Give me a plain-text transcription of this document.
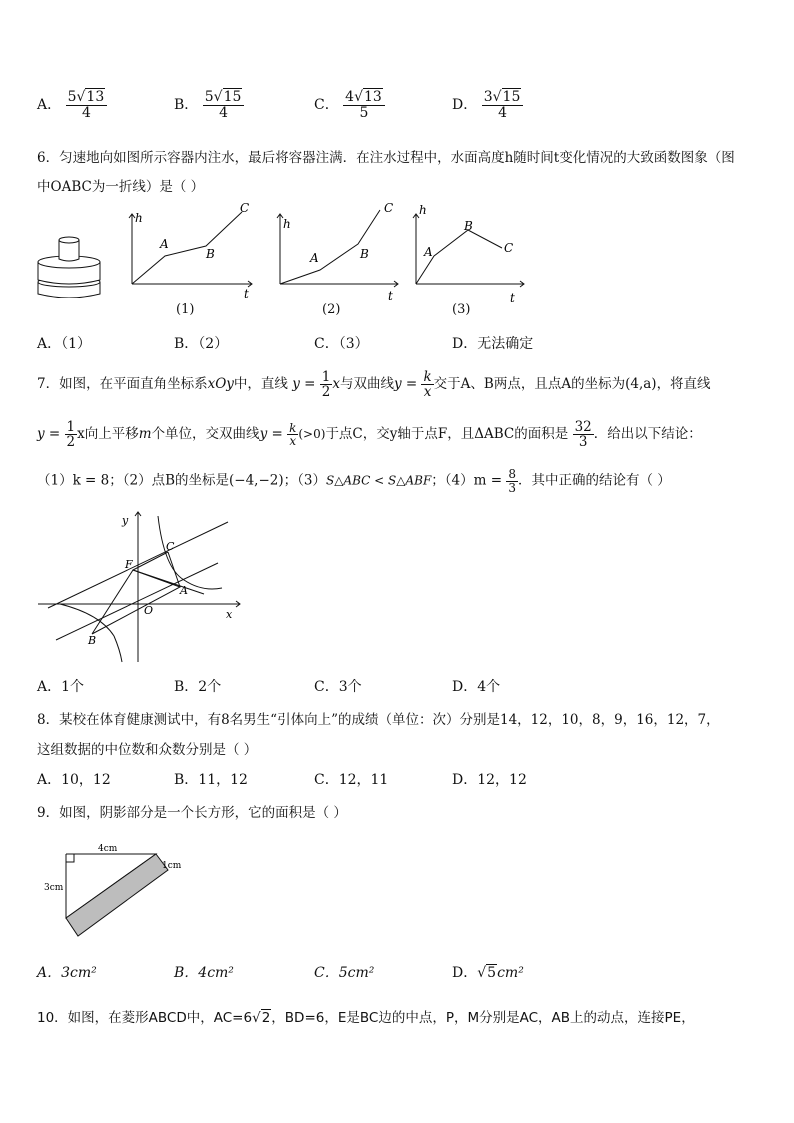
A． $\frac{5√13}{4}$	B． $\frac{5√15}{4}$	C． $\frac{4√13}{5}$	D． $\frac{3√15}{4}$
6．匀速地向如图所示容器内注水，最后将容器注满．在注水过程中，水面高度h随时间t变化情况的大致函数图象（图
中OABC为一折线）是（ ）
h
t
A
B
C
(1)
h
t
A	B
C
(2)
h
t
A
B
C
(3)
A．（1）	B．（2）	C．（3）	D．无法确定
7．如图，在平面直角坐标系xOy中，直线 $y = \frac{1}{2}$ x与双曲线$y = \frac{k}{x}$ 交于A、B两点，且点A的坐标为(4,a)，将直线
$y = \frac{1}{2}$ x向上平移m个单位，交双曲线$y = \frac{k}{x} (>0)$于点C，交y轴于点F，且ΔABC的面积是 $\frac{32}{3}$ ．给出以下结论：
（1）k = 8；（2）点B的坐标是(−4,−2)；（3）S△ABC < S△ABF；$(4)m = \frac{8}{3}$ ．其中正确的结论有（ ）
y
x
O
F
C
A
B
A．1个	B．2个	C．3个	D．4个
8．某校在体育健康测试中，有8名男生“引体向上”的成绩（单位：次）分别是14，12，10，8，9，16，12，7，
这组数据的中位数和众数分别是（ ）
A．10，12	B．11，12	C．12，11	D．12，12
9．如图，阴影部分是一个长方形，它的面积是（ ）
4cm
3cm
1cm
A．3cm²	B．4cm²	C．5cm²	D．√5cm²
10．如图，在菱形ABCD中，AC=6√2，BD=6，E是BC边的中点，P，M分别是AC，AB上的动点，连接PE，
